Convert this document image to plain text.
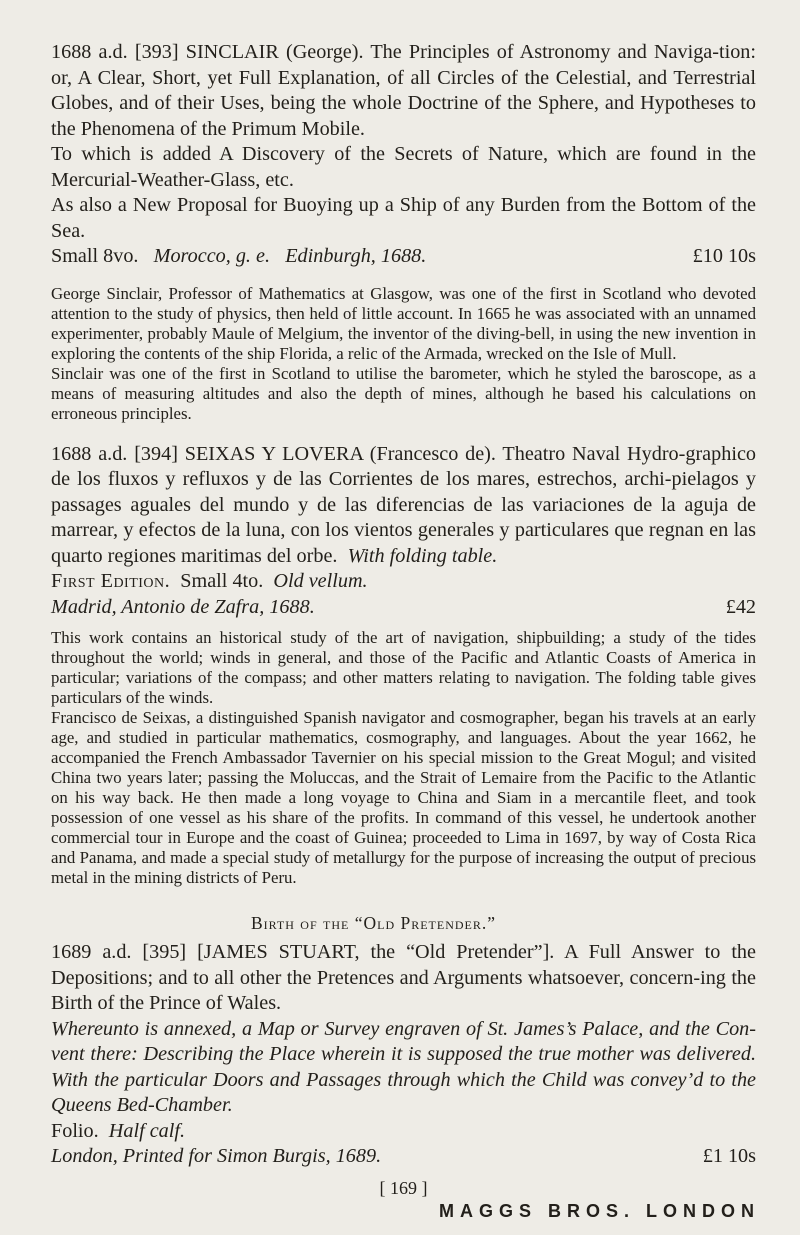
1688 a.d. [393] SINCLAIR (George). The Principles of Astronomy and Naviga-tion: or, A Clear, Short, yet Full Explanation, of all Circles of the Celestial, and Terrestrial Globes, and of their Uses, being the whole Doctrine of the Sphere, and Hypotheses to the Phenomena of the Primum Mobile.

To which is added A Discovery of the Secrets of Nature, which are found in the Mercurial-Weather-Glass, etc.

As also a New Proposal for Buoying up a Ship of any Burden from the Bottom of the Sea.

Small 8vo. Morocco, g. e. Edinburgh, 1688.	£10 10s

George Sinclair, Professor of Mathematics at Glasgow, was one of the first in Scotland who devoted attention to the study of physics, then held of little account. In 1665 he was associated with an unnamed experimenter, probably Maule of Melgium, the inventor of the diving-bell, in using the new invention in exploring the contents of the ship Florida, a relic of the Armada, wrecked on the Isle of Mull.

Sinclair was one of the first in Scotland to utilise the barometer, which he styled the baroscope, as a means of measuring altitudes and also the depth of mines, although he based his calculations on erroneous principles.

1688 a.d. [394] SEIXAS Y LOVERA (Francesco de). Theatro Naval Hydro-graphico de los fluxos y refluxos y de las Corrientes de los mares, estrechos, archi-pielagos y passages aguales del mundo y de las diferencias de las variaciones de la aguja de marrear, y efectos de la luna, con los vientos generales y particulares que regnan en las quarto regiones maritimas del orbe. With folding table.

First Edition.
Small 4to.
Old vellum.
Madrid, Antonio de Zafra, 1688.	£42

This work contains an historical study of the art of navigation, shipbuilding; a study of the tides throughout the world; winds in general, and those of the Pacific and Atlantic Coasts of America in particular; variations of the compass; and other matters relating to navigation. The folding table gives particulars of the winds.

Francisco de Seixas, a distinguished Spanish navigator and cosmographer, began his travels at an early age, and studied in particular mathematics, cosmography, and languages. About the year 1662, he accompanied the French Ambassador Tavernier on his special mission to the Great Mogul; and visited China two years later; passing the Moluccas, and the Strait of Lemaire from the Pacific to the Atlantic on his way back. He then made a long voyage to China and Siam in a mercantile fleet, and took possession of one vessel as his share of the profits. In command of this vessel, he undertook another commercial tour in Europe and the coast of Guinea; proceeded to Lima in 1697, by way of Costa Rica and Panama, and made a special study of metallurgy for the purpose of increasing the output of precious metal in the mining districts of Peru.

Birth of the “Old Pretender.”

1689 a.d. [395] [JAMES STUART, the “Old Pretender”]. A Full Answer to the Depositions; and to all other the Pretences and Arguments whatsoever, concern-ing the Birth of the Prince of Wales.

Whereunto is annexed, a Map or Survey engraven of St. James’s Palace, and the Con-vent there: Describing the Place wherein it is supposed the true mother was delivered. With the particular Doors and Passages through which the Child was convey’d to the Queens Bed-Chamber.

Folio.
Half calf.
London, Printed for Simon Burgis, 1689.	£1 10s
[ 169 ]
MAGGS BROS. LONDON
